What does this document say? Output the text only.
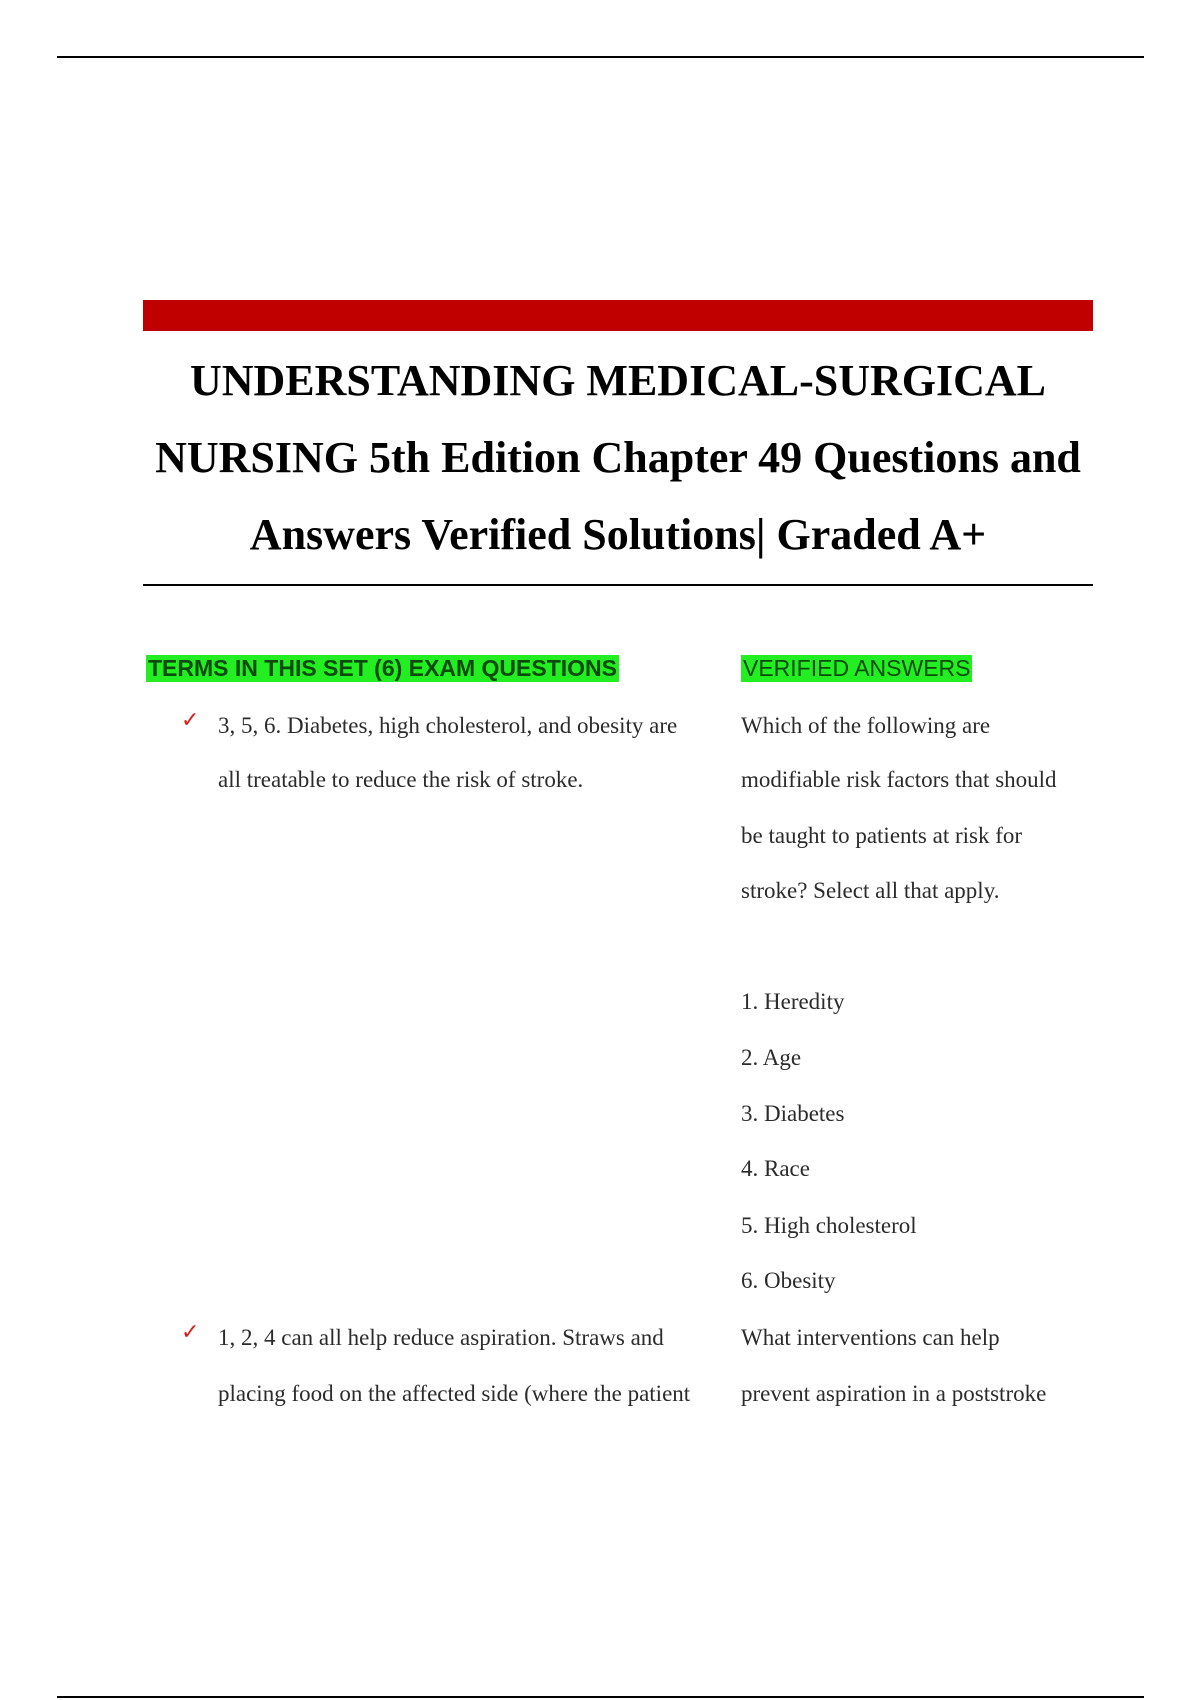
UNDERSTANDING MEDICAL-SURGICAL
NURSING 5th Edition Chapter 49 Questions and
Answers Verified Solutions| Graded A+
TERMS IN THIS SET (6) EXAM QUESTIONS	VERIFIED ANSWERS
✓ 3, 5, 6. Diabetes, high cholesterol, and obesity are
all treatable to reduce the risk of stroke.
Which of the following are
modifiable risk factors that should
be taught to patients at risk for
stroke? Select all that apply.
1. Heredity
2. Age
3. Diabetes
4. Race
5. High cholesterol
6. Obesity
✓ 1, 2, 4 can all help reduce aspiration. Straws and
placing food on the affected side (where the patient
What interventions can help
prevent aspiration in a poststroke
